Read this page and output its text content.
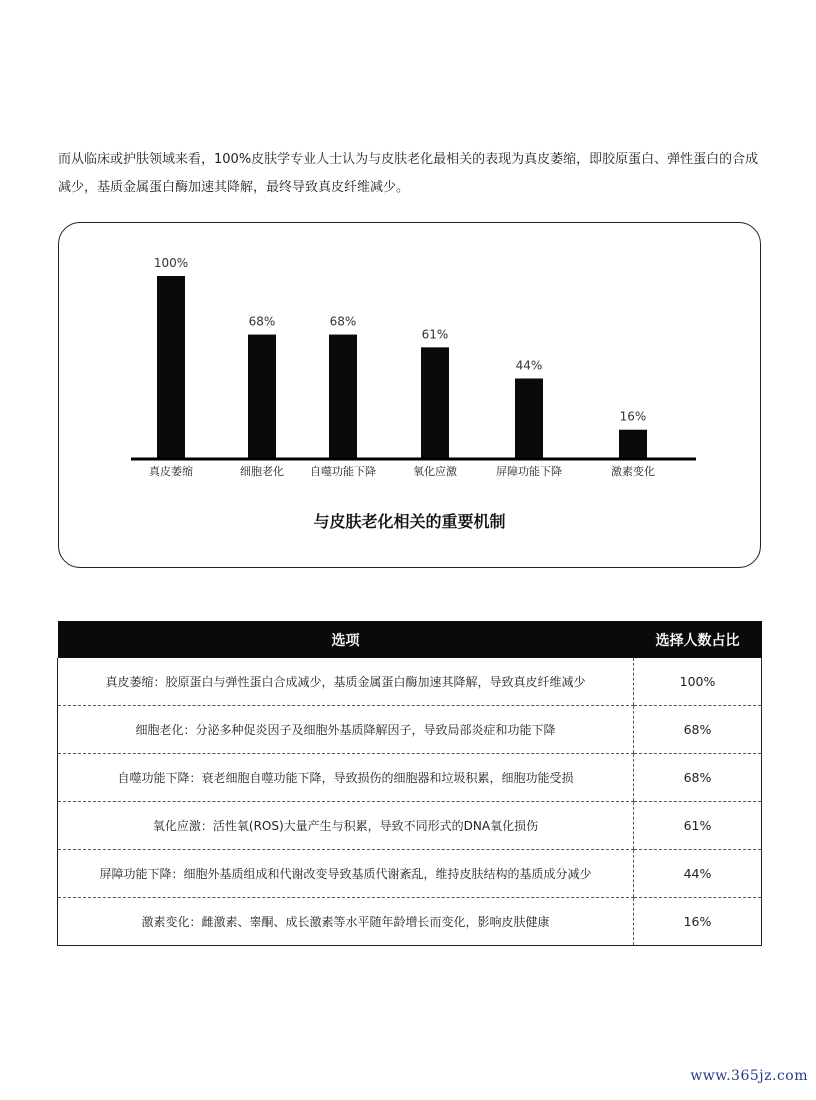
而从临床或护肤领域来看，100%皮肤学专业人士认为与皮肤老化最相关的表现为真皮萎缩，即胶原蛋白、弹性蛋白的合成减少，基质金属蛋白酶加速其降解，最终导致真皮纤维减少。

100%
真皮萎缩
68%
细胞老化
68%
自噬功能下降
61%
氧化应激
44%
屏障功能下降
16%
激素变化
与皮肤老化相关的重要机制
选项	选择人数占比
真皮萎缩：胶原蛋白与弹性蛋白合成减少，基质金属蛋白酶加速其降解，导致真皮纤维减少	100%
细胞老化：分泌多种促炎因子及细胞外基质降解因子，导致局部炎症和功能下降	68%
自噬功能下降：衰老细胞自噬功能下降，导致损伤的细胞器和垃圾积累，细胞功能受损	68%
氧化应激：活性氧(ROS)大量产生与积累，导致不同形式的DNA氧化损伤	61%
屏障功能下降：细胞外基质组成和代谢改变导致基质代谢紊乱，维持皮肤结构的基质成分减少	44%
激素变化：雌激素、睾酮、成长激素等水平随年龄增长而变化，影响皮肤健康	16%
www.365jz.com
